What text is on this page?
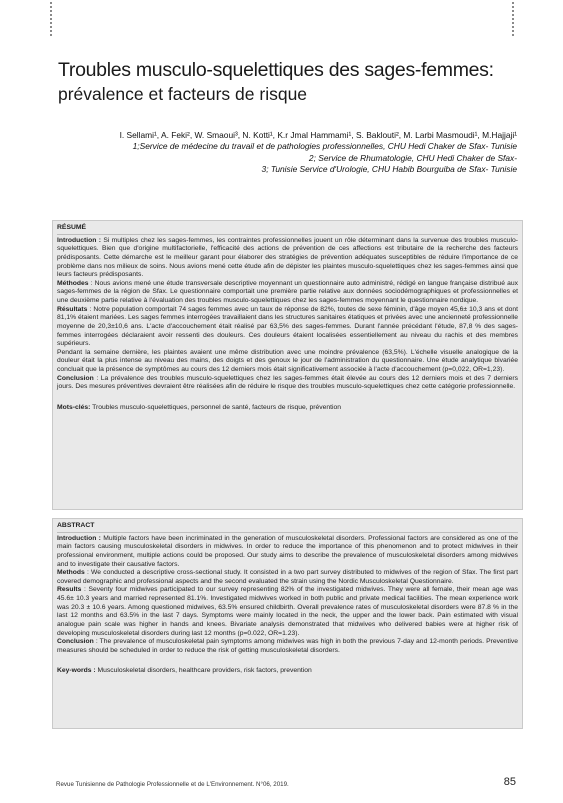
Troubles musculo-squelettiques des sages-femmes:
prévalence et facteurs de risque
I. Sellami¹, A. Feki², W. Smaoui³, N. Kotti¹, K.r Jmal Hammami¹, S. Baklouti², M. Larbi Masmoudi¹, M.Hajjaji¹
1;Service de médecine du travail et de pathologies professionnelles, CHU Hedi Chaker de Sfax- Tunisie
2; Service de Rhumatologie, CHU Hedi Chaker de Sfax-
3; Tunisie Service d'Urologie, CHU Habib Bourguiba de Sfax- Tunisie

RÉSUMÉ

Introduction : Si multiples chez les sages-femmes, les contraintes professionnelles jouent un rôle déterminant dans la survenue des troubles musculo-squelettiques. Bien que d'origine multifactorielle, l'efficacité des actions de prévention de ces affections est tributaire de la recherche des facteurs prédisposants. Cette démarche est le meilleur garant pour élaborer des stratégies de prévention adéquates susceptibles de réduire l'importance de ce problème dans nos milieux de soins. Nous avions mené cette étude afin de dépister les plaintes musculo-squelettiques chez les sages-femmes ainsi que leurs facteurs prédisposants.

Méthodes : Nous avions mené une étude transversale descriptive moyennant un questionnaire auto administré, rédigé en langue française distribué aux sages-femmes de la région de Sfax. Le questionnaire comportait une première partie relative aux données sociodémographiques et professionnelles et une deuxième partie relative à l'évaluation des troubles musculo-squelettiques chez les sages-femmes moyennant le questionnaire nordique.

Résultats : Notre population comportait 74 sages femmes avec un taux de réponse de 82%, toutes de sexe féminin, d'âge moyen 45,6± 10,3 ans et dont 81,1% étaient mariées. Les sages femmes interrogées travaillaient dans les structures sanitaires étatiques et privées avec une ancienneté professionnelle moyenne de 20,3±10,6 ans. L'acte d'accouchement était réalisé par 63,5% des sages-femmes. Durant l'année précédant l'étude, 87,8 % des sages-femmes interrogées déclaraient avoir ressenti des douleurs. Ces douleurs étaient localisées essentiellement au niveau du rachis et des membres supérieurs.

Pendant la semaine dernière, les plaintes avaient une même distribution avec une moindre prévalence (63,5%). L'échelle visuelle analogique de la douleur était la plus intense au niveau des mains, des doigts et des genoux le jour de l'administration du questionnaire. Une étude analytique bivariée concluait que la présence de symptômes au cours des 12 derniers mois était significativement associée à l'acte d'accouchement (p=0,022, OR=1,23).

Conclusion : La prévalence des troubles musculo-squelettiques chez les sages-femmes était élevée au cours des 12 derniers mois et des 7 derniers jours. Des mesures préventives devraient être réalisées afin de réduire le risque des troubles musculo-squelettiques chez cette catégorie professionnelle.

Mots-clés: Troubles musculo-squelettiques, personnel de santé, facteurs de risque, prévention

ABSTRACT

Introduction : Multiple factors have been incriminated in the generation of musculoskeletal disorders. Professional factors are considered as one of the main factors causing musculoskeletal disorders in midwives. In order to reduce the importance of this phenomenon and to protect midwives in their professional environment, multiple actions could be proposed. Our study aims to describe the prevalence of musculoskeletal disorders among midwives and to investigate their causative factors.

Methods : We conducted a descriptive cross-sectional study. It consisted in a two part survey distributed to midwives of the region of Sfax. The first part covered demographic and professional aspects and the second evaluated the strain using the Nordic Musculoskeletal Questionnaire.

Results : Seventy four midwives participated to our survey representing 82% of the investigated midwives. They were all female, their mean age was 45.6± 10.3 years and married represented 81.1%. Investigated midwives worked in both public and private medical facilities. The mean experience work was 20.3 ± 10.6 years. Among questioned midwives, 63.5% ensured childbirth. Overall prevalence rates of musculoskeletal disorders were 87.8 % in the last 12 months and 63.5% in the last 7 days. Symptoms were mainly located in the neck, the upper and the lower back. Pain estimated with visual analogue pain scale was higher in hands and knees. Bivariate analysis demonstrated that midwives who delivered babies were at higher risk of developing musculoskeletal disorders during last 12 months (p=0.022, OR=1.23).

Conclusion : The prevalence of musculoskeletal pain symptoms among midwives was high in both the previous 7-day and 12-month periods. Preventive measures should be scheduled in order to reduce the risk of getting musculoskeletal disorders.

Key-words : Musculoskeletal disorders, healthcare providers, risk factors, prevention

Revue Tunisienne de Pathologie Professionnelle et de L'Environnement. N°06, 2019.	85
